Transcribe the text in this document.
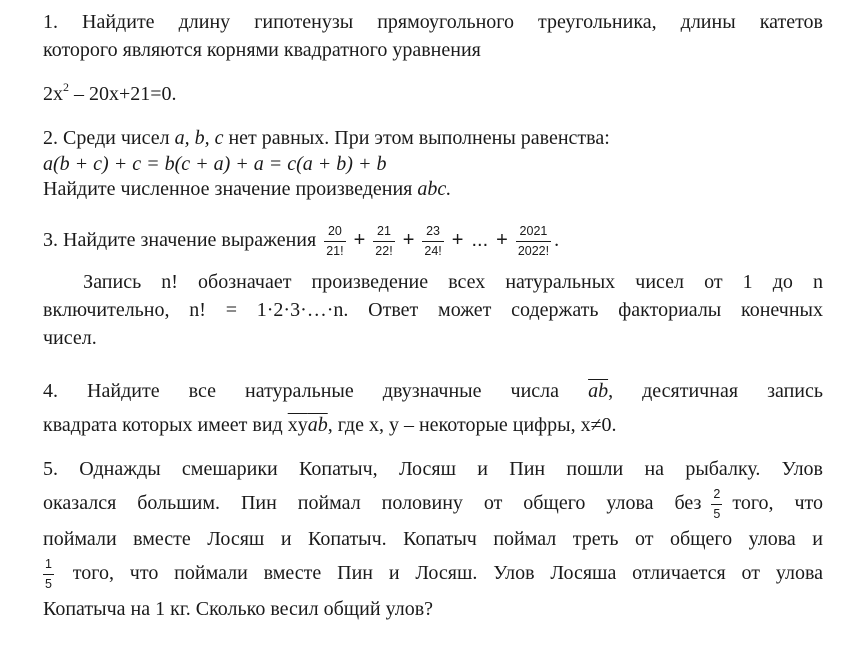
1. Найдите длину гипотенузы прямоугольного треугольника, длины катетов

которого являются корнями квадратного уравнения

$2x^2 - 20x+21=0$.

2. Среди чисел a, b, c нет равных. При этом выполнены равенства:

a(b + c) + c = b(c + a) + a = c(a + b) + b

Найдите численное значение произведения abc.

3. Найдите значение выражения $\frac{20}{21!} + \frac{21}{22!} + \frac{23}{24!}$ + ... + $\frac{2021}{2022!}$ .

Запись n! обозначает произведение всех натуральных чисел от 1 до n

включительно, n! = 1·2·3·…·n. Ответ может содержать факториалы конечных

чисел.

4. Найдите все натуральные двузначные числа $\overline{ab}$, десятичная запись

квадрата которых имеет вид xyab, где x, y – некоторые цифры, x≠0.

5. Однажды смешарики Копатыч, Лосяш и Пин пошли на рыбалку. Улов

оказался большим. Пин поймал половину от общего улова без $\frac{2}{5}$ того, что

поймали вместе Лосяш и Копатыч. Копатыч поймал треть от общего улова и

$\frac{1}{5}$ того, что поймали вместе Пин и Лосяш. Улов Лосяша отличается от улова

Копатыча на 1 кг. Сколько весил общий улов?
